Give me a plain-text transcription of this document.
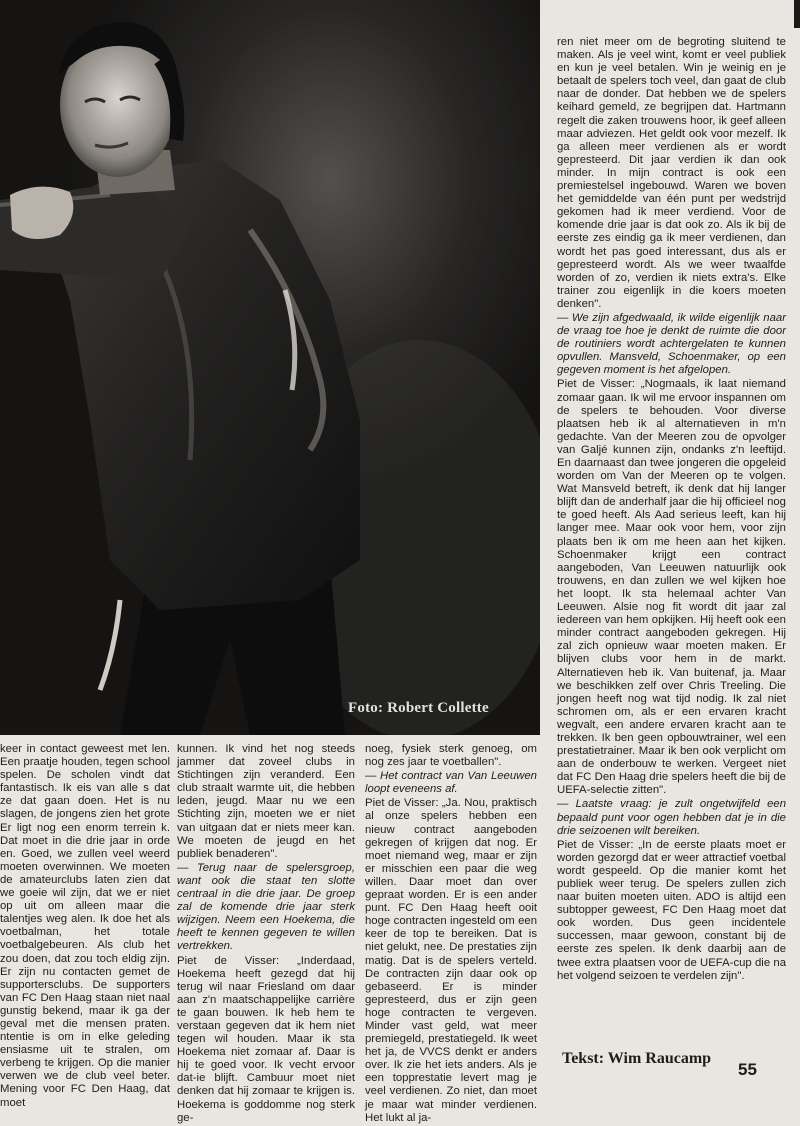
Foto: Robert Collette

ren niet meer om de begroting sluitend te maken. Als je veel wint, komt er veel publiek en kun je veel betalen. Win je weinig en je betaalt de spelers toch veel, dan gaat de club naar de donder. Dat hebben we de spelers keihard gemeld, ze begrijpen dat. Hartmann regelt die zaken trouwens hoor, ik geef alleen maar adviezen. Het geldt ook voor mezelf. Ik ga alleen meer verdienen als er wordt gepresteerd. Dit jaar verdien ik dan ook minder. In mijn contract is ook een premiestelsel ingebouwd. Waren we boven het gemiddelde van één punt per wedstrijd gekomen had ik meer verdiend. Voor de komende drie jaar is dat ook zo. Als ik bij de eerste zes eindig ga ik meer verdienen, dan wordt het pas goed interessant, dus als er gepresteerd wordt. Als we weer twaalfde worden of zo, verdien ik niets extra's. Elke trainer zou eigenlijk in die koers moeten denken".

— We zijn afgedwaald, ik wilde eigenlijk naar de vraag toe hoe je denkt de ruimte die door de routiniers wordt achtergelaten te kunnen opvullen. Mansveld, Schoenmaker, op een gegeven moment is het afgelopen.

Piet de Visser: „Nogmaals, ik laat niemand zomaar gaan. Ik wil me ervoor inspannen om de spelers te behouden. Voor diverse plaatsen heb ik al alternatieven in m'n gedachte. Van der Meeren zou de opvolger van Galjé kunnen zijn, ondanks z'n leeftijd. En daarnaast dan twee jongeren die opgeleid worden om Van der Meeren op te volgen. Wat Mansveld betreft, ik denk dat hij langer blijft dan de anderhalf jaar die hij officieel nog te goed heeft. Als Aad serieus leeft, kan hij langer mee. Maar ook voor hem, voor zijn plaats ben ik om me heen aan het kijken. Schoenmaker krijgt een contract aangeboden, Van Leeuwen natuurlijk ook trouwens, en dan zullen we wel kijken hoe het loopt. Ik sta helemaal achter Van Leeuwen. Alsie nog fit wordt dit jaar zal iedereen van hem opkijken. Hij heeft ook een minder contract aangeboden gekregen. Hij zal zich opnieuw waar moeten maken. Er blijven clubs voor hem in de markt. Alternatieven heb ik. Van buitenaf, ja. Maar we beschikken zelf over Chris Treeling. Die jongen heeft nog wat tijd nodig. Ik zal niet schromen om, als er een ervaren kracht wegvalt, een andere ervaren kracht aan te trekken. Ik ben geen opbouwtrainer, wel een prestatietrainer. Maar ik ben ook verplicht om aan de onderbouw te werken. Vergeet niet dat FC Den Haag drie spelers heeft die bij de UEFA-selectie zitten".

— Laatste vraag: je zult ongetwijfeld een bepaald punt voor ogen hebben dat je in die drie seizoenen wilt bereiken.

Piet de Visser: „In de eerste plaats moet er worden gezorgd dat er weer attractief voetbal wordt gespeeld. Op die manier komt het publiek weer terug. De spelers zullen zich naar buiten moeten uiten. ADO is altijd een subtopper geweest, FC Den Haag moet dat ook worden. Dus geen incidentele successen, maar gewoon, constant bij de eerste zes spelen. Ik denk daarbij aan de twee extra plaatsen voor de UEFA-cup die na het volgend seizoen te verdelen zijn".

keer in contact geweest met len. Een praatje houden, tegen school spelen. De scholen vindt dat fantastisch. Ik eis van alle s dat ze dat gaan doen. Het is nu slagen, de jongens zien het grote Er ligt nog een enorm terrein k. Dat moet in die drie jaar in orde en. Goed, we zullen veel weerd moeten overwinnen. We moeten de amateurclubs laten zien dat we goeie wil zijn, dat we er niet op uit om alleen maar die talentjes weg alen. Ik doe het als voetbalman, het totale voetbalgebeuren. Als club het zou doen, dat zou toch eldig zijn. Er zijn nu contacten gemet de supportersclubs. De supporters van FC Den Haag staan niet naal gunstig bekend, maar ik ga der geval met die mensen praten. ntentie is om in elke geleding ensiasme uit te stralen, om verbeng te krijgen. Op die manier verwen we de club veel beter. Mening voor FC Den Haag, dat moet

kunnen. Ik vind het nog steeds jammer dat zoveel clubs in Stichtingen zijn veranderd. Een club straalt warmte uit, die hebben leden, jeugd. Maar nu we een Stichting zijn, moeten we er niet van uitgaan dat er niets meer kan. We moeten de jeugd en het publiek benaderen".

— Terug naar de spelersgroep, want ook die staat ten slotte centraal in die drie jaar. De groep zal de komende drie jaar sterk wijzigen. Neem een Hoekema, die heeft te kennen gegeven te willen vertrekken.

Piet de Visser: „Inderdaad, Hoekema heeft gezegd dat hij terug wil naar Friesland om daar aan z'n maatschappelijke carrière te gaan bouwen. Ik heb hem te verstaan gegeven dat ik hem niet tegen wil houden. Maar ik sta Hoekema niet zomaar af. Daar is hij te goed voor. Ik vecht ervoor dat-ie blijft. Cambuur moet niet denken dat hij zomaar te krijgen is. Hoekema is goddomme nog sterk ge-

noeg, fysiek sterk genoeg, om nog zes jaar te voetballen".

— Het contract van Van Leeuwen loopt eveneens af.

Piet de Visser: „Ja. Nou, praktisch al onze spelers hebben een nieuw contract aangeboden gekregen of krijgen dat nog. Er moet niemand weg, maar er zijn er misschien een paar die weg willen. Daar moet dan over gepraat worden. Er is een ander punt. FC Den Haag heeft ooit hoge contracten ingesteld om een keer de top te bereiken. Dat is niet gelukt, nee. De prestaties zijn matig. Dat is de spelers verteld. De contracten zijn daar ook op gebaseerd. Er is minder gepresteerd, dus er zijn geen hoge contracten te vergeven. Minder vast geld, wat meer premiegeld, prestatiegeld. Ik weet het ja, de VVCS denkt er anders over. Ik zie het iets anders. Als je een topprestatie levert mag je veel verdienen. Zo niet, dan moet je maar wat minder verdienen. Het lukt al ja-

Tekst: Wim Raucamp
55
